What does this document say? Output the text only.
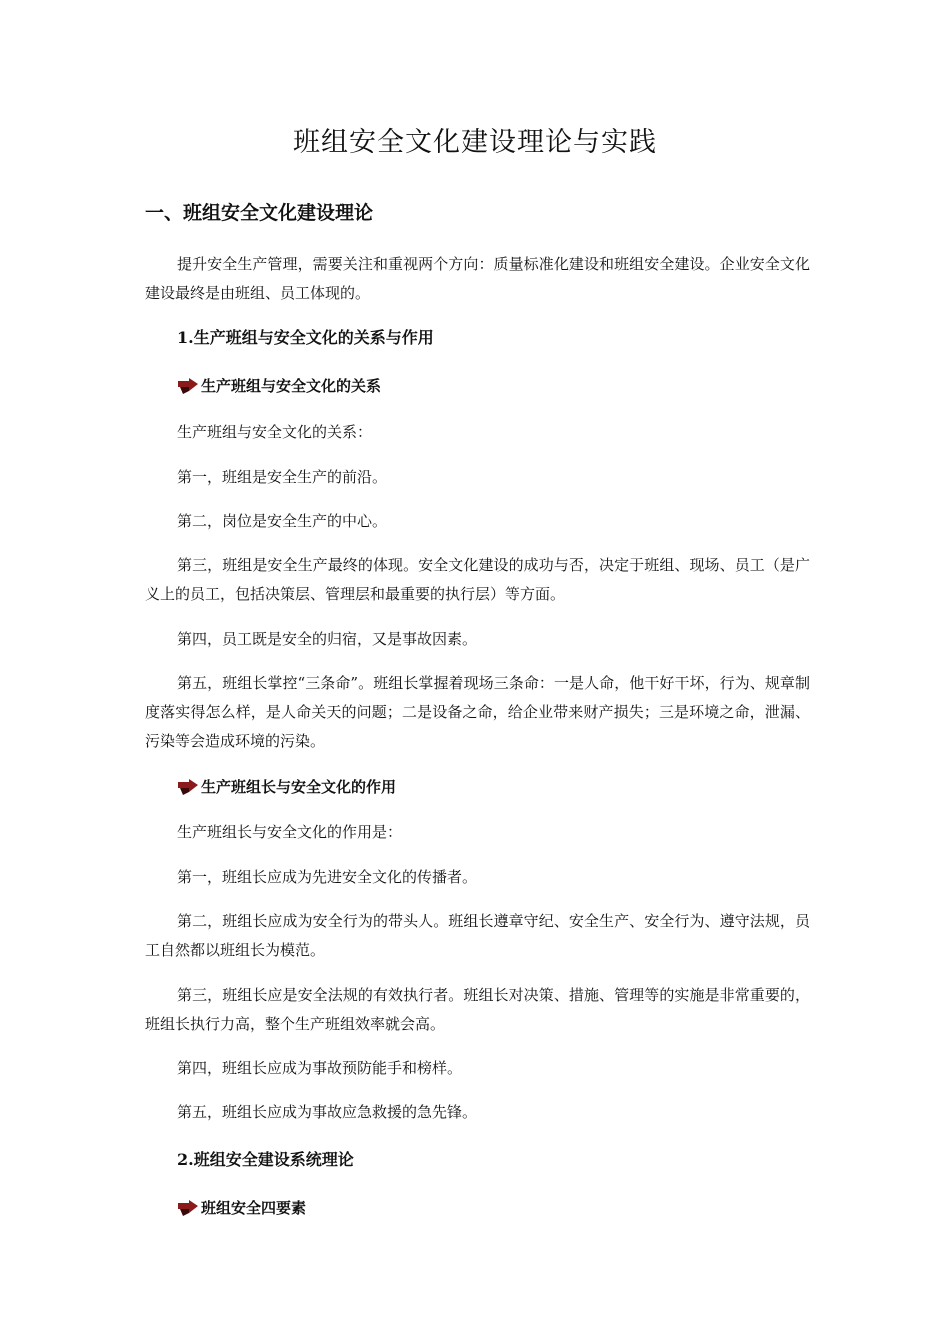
班组安全文化建设理论与实践
一、班组安全文化建设理论

提升安全生产管理，需要关注和重视两个方向：质量标准化建设和班组安全建设。企业安全文化建设最终是由班组、员工体现的。

1.生产班组与安全文化的关系与作用
生产班组与安全文化的关系

生产班组与安全文化的关系：

第一，班组是安全生产的前沿。

第二，岗位是安全生产的中心。

第三，班组是安全生产最终的体现。安全文化建设的成功与否，决定于班组、现场、员工（是广义上的员工，包括决策层、管理层和最重要的执行层）等方面。

第四，员工既是安全的归宿，又是事故因素。

第五，班组长掌控“三条命”。班组长掌握着现场三条命：一是人命，他干好干坏，行为、规章制度落实得怎么样，是人命关天的问题；二是设备之命，给企业带来财产损失；三是环境之命，泄漏、污染等会造成环境的污染。

生产班组长与安全文化的作用

生产班组长与安全文化的作用是：

第一，班组长应成为先进安全文化的传播者。

第二，班组长应成为安全行为的带头人。班组长遵章守纪、安全生产、安全行为、遵守法规，员工自然都以班组长为模范。

第三，班组长应是安全法规的有效执行者。班组长对决策、措施、管理等的实施是非常重要的，班组长执行力高，整个生产班组效率就会高。

第四，班组长应成为事故预防能手和榜样。

第五，班组长应成为事故应急救援的急先锋。

2.班组安全建设系统理论
班组安全四要素
